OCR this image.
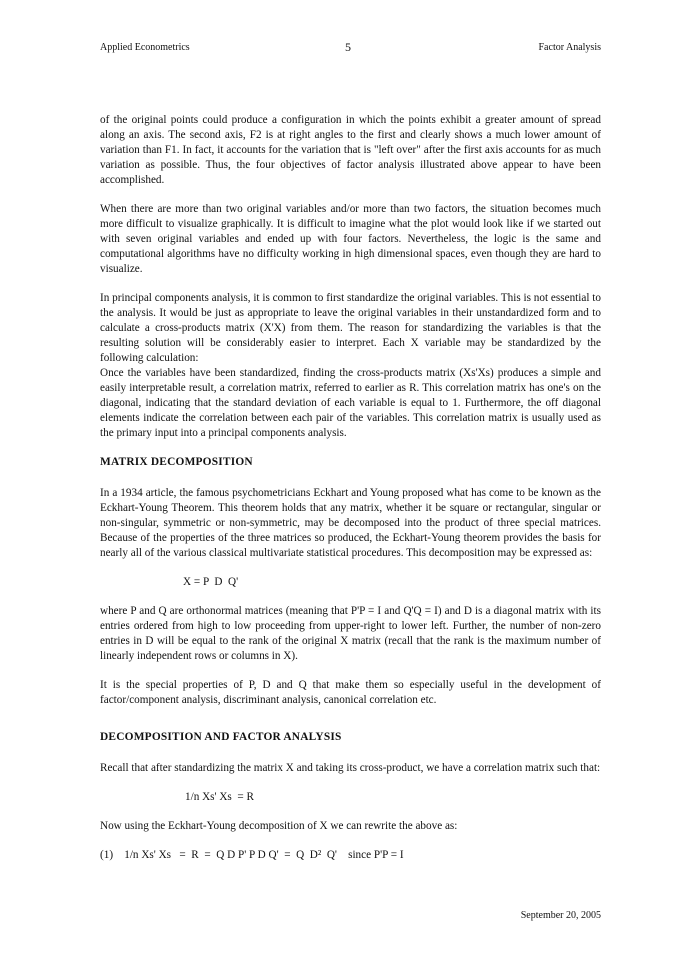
Applied Econometrics	5	Factor Analysis

of the original points could produce a configuration in which the points exhibit a greater amount of spread along an axis. The second axis, F2 is at right angles to the first and clearly shows a much lower amount of variation than F1. In fact, it accounts for the variation that is "left over" after the first axis accounts for as much variation as possible. Thus, the four objectives of factor analysis illustrated above appear to have been accomplished.

When there are more than two original variables and/or more than two factors, the situation becomes much more difficult to visualize graphically. It is difficult to imagine what the plot would look like if we started out with seven original variables and ended up with four factors. Nevertheless, the logic is the same and computational algorithms have no difficulty working in high dimensional spaces, even though they are hard to visualize.

In principal components analysis, it is common to first standardize the original variables. This is not essential to the analysis. It would be just as appropriate to leave the original variables in their unstandardized form and to calculate a cross-products matrix (X'X) from them. The reason for standardizing the variables is that the resulting solution will be considerably easier to interpret. Each X variable may be standardized by the following calculation:

Once the variables have been standardized, finding the cross-products matrix (Xs'Xs) produces a simple and easily interpretable result, a correlation matrix, referred to earlier as R. This correlation matrix has one's on the diagonal, indicating that the standard deviation of each variable is equal to 1. Furthermore, the off diagonal elements indicate the correlation between each pair of the variables. This correlation matrix is usually used as the primary input into a principal components analysis.

MATRIX DECOMPOSITION

In a 1934 article, the famous psychometricians Eckhart and Young proposed what has come to be known as the Eckhart-Young Theorem. This theorem holds that any matrix, whether it be square or rectangular, singular or non-singular, symmetric or non-symmetric, may be decomposed into the product of three special matrices. Because of the properties of the three matrices so produced, the Eckhart-Young theorem provides the basis for nearly all of the various classical multivariate statistical procedures. This decomposition may be expressed as:

X = P  D  Q'

where P and Q are orthonormal matrices (meaning that P'P = I and Q'Q = I) and D is a diagonal matrix with its entries ordered from high to low proceeding from upper-right to lower left. Further, the number of non-zero entries in D will be equal to the rank of the original X matrix (recall that the rank is the maximum number of linearly independent rows or columns in X).

It is the special properties of P, D and Q that make them so especially useful in the development of factor/component analysis, discriminant analysis, canonical correlation etc.

DECOMPOSITION AND FACTOR ANALYSIS

Recall that after standardizing the matrix X and taking its cross-product, we have a correlation matrix such that:

1/n Xs' Xs  = R

Now using the Eckhart-Young decomposition of X we can rewrite the above as:

(1)    1/n Xs' Xs   =  R  =  Q D P' P D Q'  =  Q  D²  Q'    since P'P = I
September 20, 2005
